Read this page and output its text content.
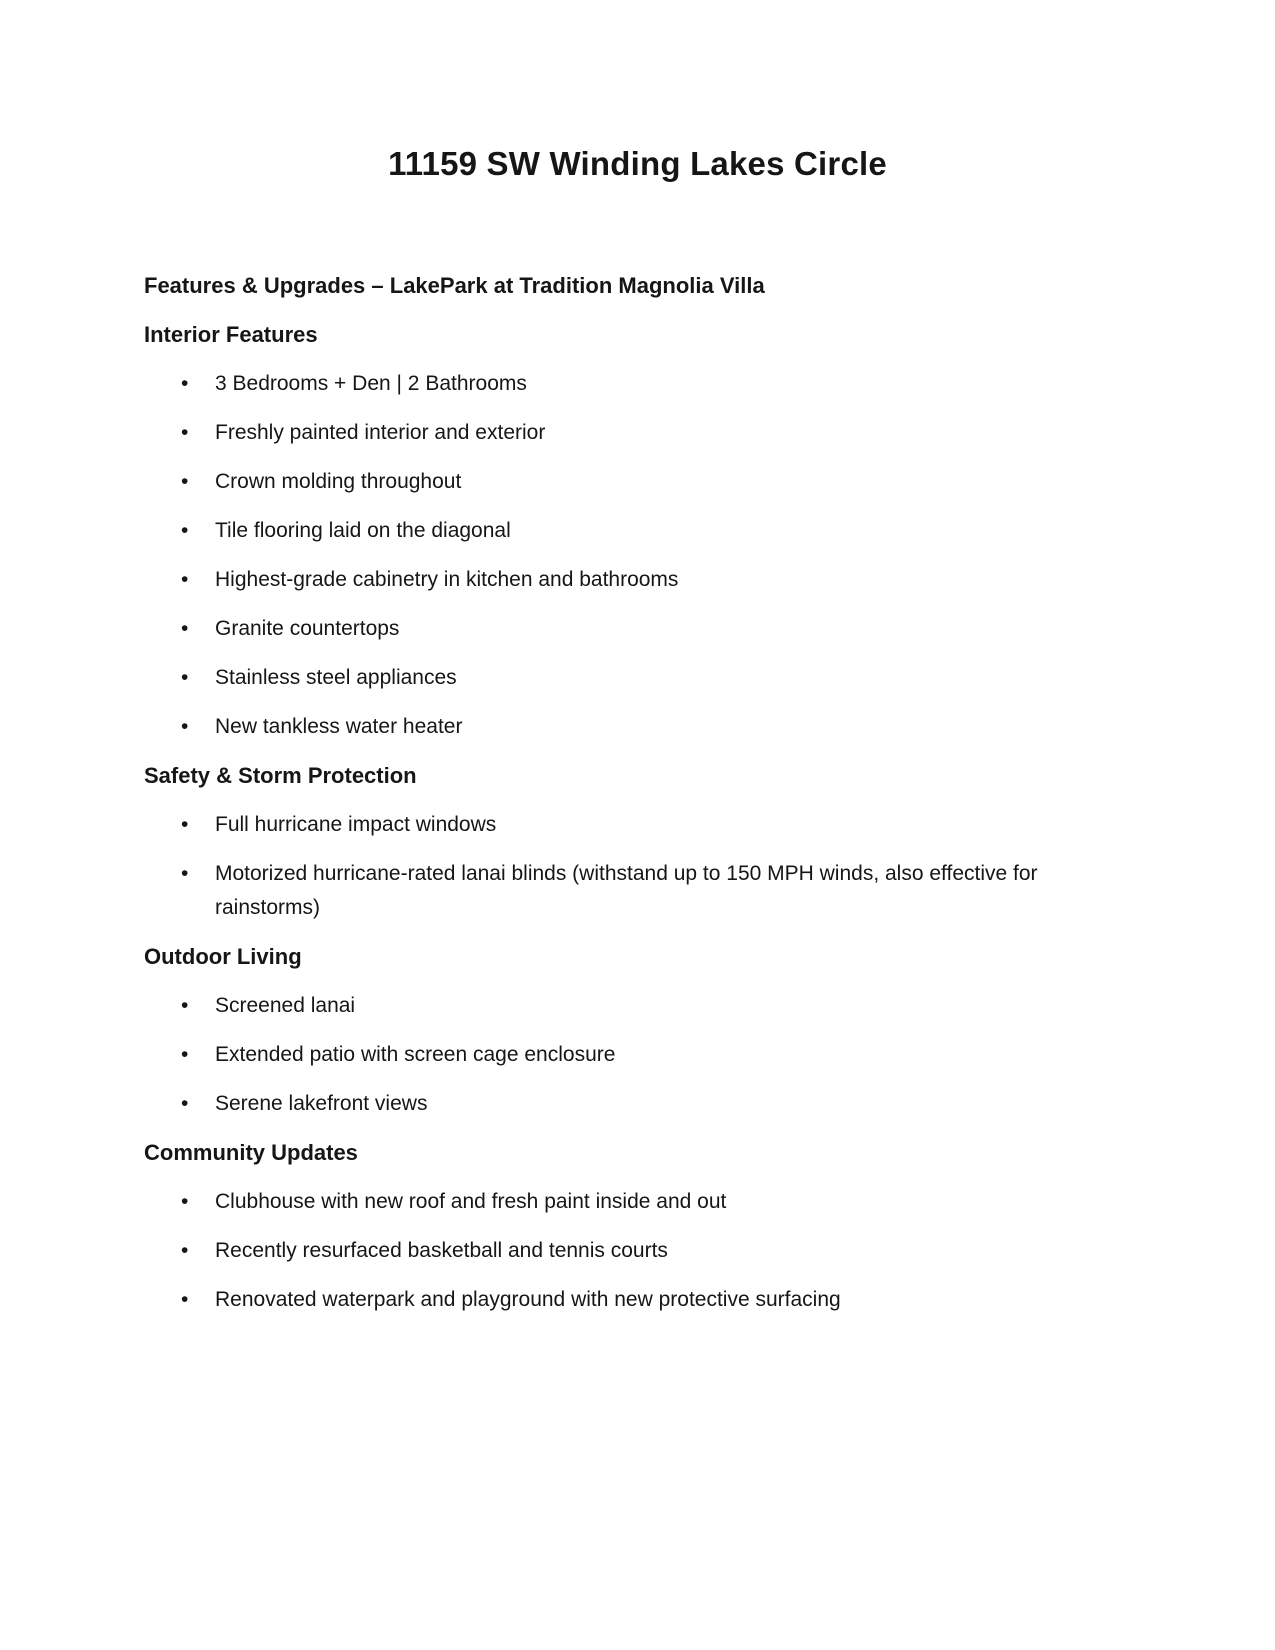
11159 SW Winding Lakes Circle

Features & Upgrades – LakePark at Tradition Magnolia Villa

Interior Features

• 3 Bedrooms + Den | 2 Bathrooms
• Freshly painted interior and exterior
• Crown molding throughout
• Tile flooring laid on the diagonal
• Highest-grade cabinetry in kitchen and bathrooms
• Granite countertops
• Stainless steel appliances
• New tankless water heater

Safety & Storm Protection

• Full hurricane impact windows
• Motorized hurricane-rated lanai blinds (withstand up to 150 MPH winds, also effective for rainstorms)

Outdoor Living

• Screened lanai
• Extended patio with screen cage enclosure
• Serene lakefront views

Community Updates

• Clubhouse with new roof and fresh paint inside and out
• Recently resurfaced basketball and tennis courts
• Renovated waterpark and playground with new protective surfacing
